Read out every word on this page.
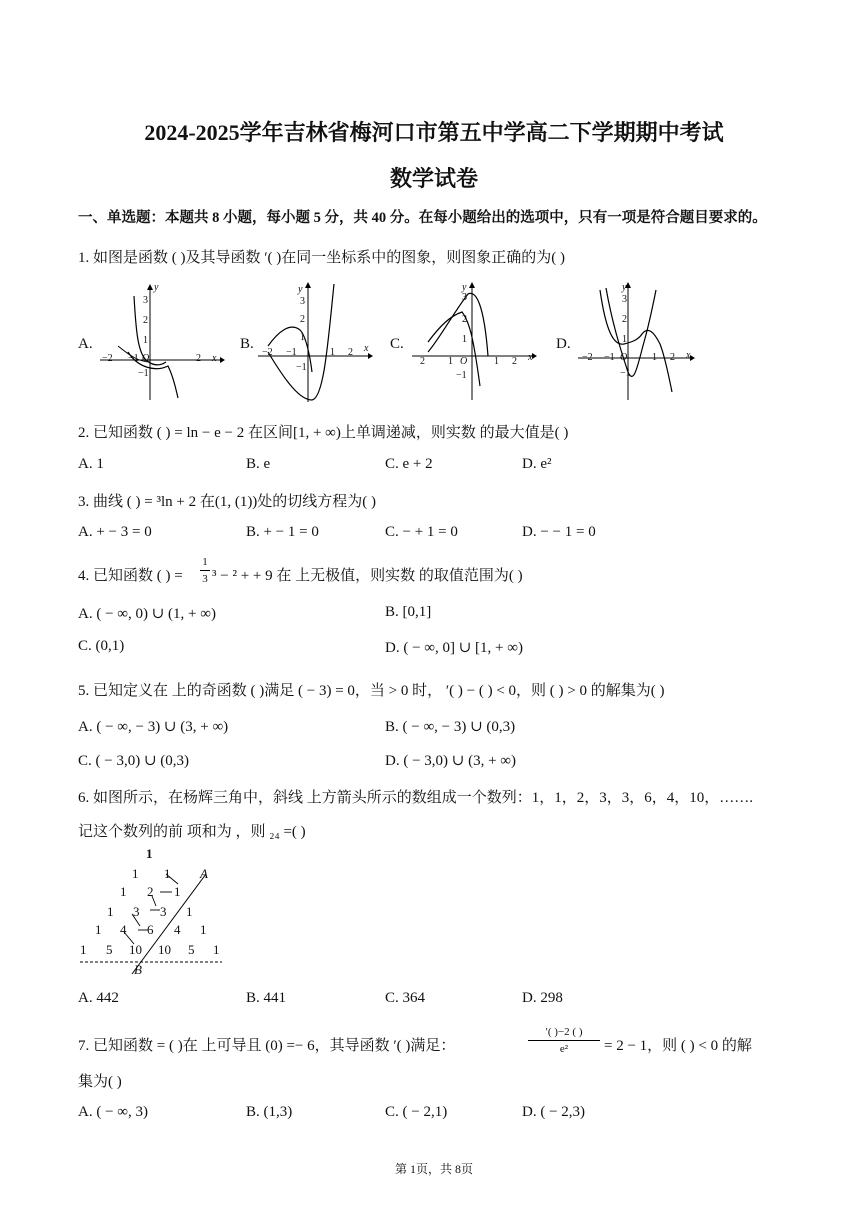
2024-2025学年吉林省梅河口市第五中学高二下学期期中考试
数学试卷
一、单选题：本题共 8 小题，每小题 5 分，共 40 分。在每小题给出的选项中，只有一项是符合题目要求的。
1. 如图是函数 ( )及其导函数 ′( )在同一坐标系中的图象，则图象正确的为( )
A.
−2 −1 O	2 x
y
3
2
1
−1
B.
−2 −1	1 2 x
y
3
2
1
−1
C.
2 1 O	1 2 x
y
3
2
1
−1
D.
−2 −1 O 1 2 x
y
3
2
1
−1
2. 已知函数 ( ) = ln − e − 2 在区间[1, + ∞)上单调递减，则实数 的最大值是( )
A. 1	B. e	C. e + 2	D. e²
3. 曲线 ( ) = ³ln + 2 在(1, (1))处的切线方程为( )
A. + − 3 = 0	B. + − 1 = 0	C. − + 1 = 0	D. − − 1 = 0
4. 已知函数 ( ) =
1
3 ³ − ² + + 9 在 上无极值，则实数 的取值范围为( )
A. ( − ∞, 0) ∪ (1, + ∞)	B. [0,1]
C. (0,1)	D. ( − ∞, 0] ∪ [1, + ∞)
5. 已知定义在 上的奇函数 ( )满足 ( − 3) = 0，当 > 0 时， ′( ) − ( ) < 0，则 ( ) > 0 的解集为( )
A. ( − ∞, − 3) ∪ (3, + ∞)	B. ( − ∞, − 3) ∪ (0,3)
C. ( − 3,0) ∪ (0,3)	D. ( − 3,0) ∪ (3, + ∞)
6. 如图所示，在杨辉三角中，斜线 上方箭头所示的数组成一个数列：1，1，2，3，3，6，4，10，…….
记这个数列的前 项和为 ，则 ₂₄ =( )
1
1 1
1 2 1
1 3 3 1
1 4 6 4 1
1 5 10 10 5 1
A
B
A. 442	B. 441	C. 364	D. 298
7. 已知函数 = ( )在 上可导且 (0) =− 6，其导函数 ′( )满足：
′( )−2 ( )
e²	= 2 − 1，则 ( ) < 0 的解
集为( )
A. ( − ∞, 3)	B. (1,3)	C. ( − 2,1)	D. ( − 2,3)
第 1页，共 8页
